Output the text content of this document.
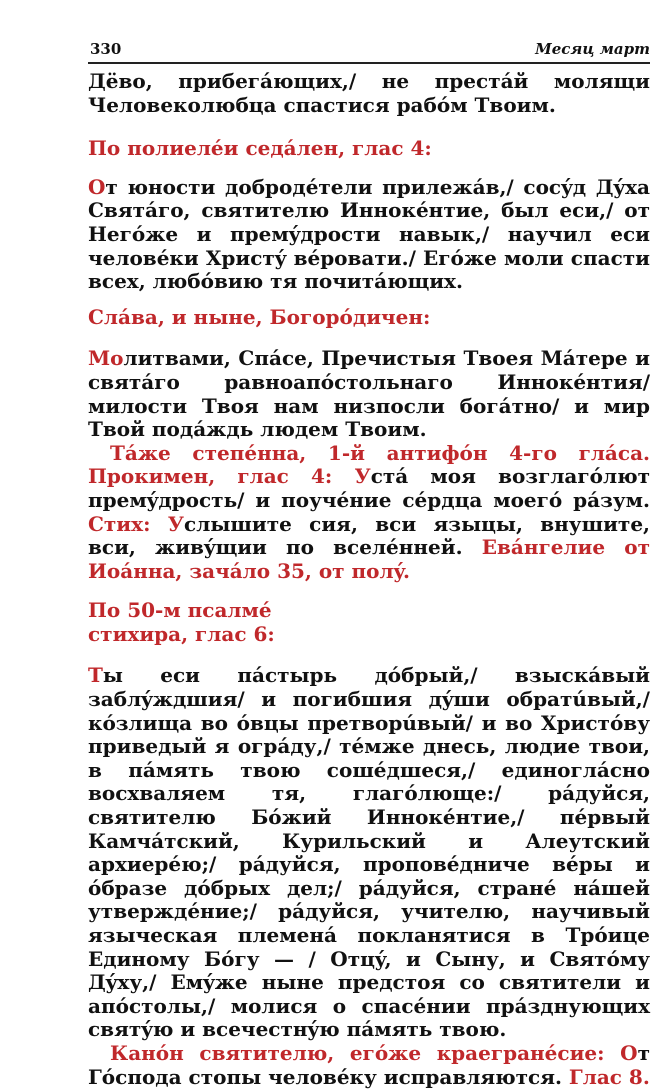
330	Месяц март

Дёво, прибегáющих,/ не престáй молящи Человеколюбца спастися рабóм Твоим.

По полиелéи седáлен, глас 4:

От юности добродéтели прилежáв,/ сосýд Дýха Святáго, святителю Иннокéнтие, был еси,/ от Негóже и премýдрости навык,/ научил еси человéки Христý вéровати./ Егóже моли спасти всех, любóвию тя почитáющих.

Слáва, и ныне, Богорóдичен:

Молитвами, Спáсе, Пречистыя Твоея Мáтере и святáго равноапóстольнаго Иннокéнтия/ милости Твоя нам низпосли богáтно/ и мир Твой подáждь людем Твоим.

Тáже степéнна, 1-й антифóн 4-го глáса. Прокимен, глас 4: Устá моя возглагóлют премýдрость/ и поучéние сéрдца моегó рáзум. Стих: Услышите сия, вси языцы, внушите, вси, живýщии по вселéнней. Евáнгелие от Иоáнна, зачáло 35, от полý.

По 50-м псалмé
стихира, глас 6:

Ты еси пáстырь дóбрый,/ взыскáвый заблýждшия/ и погибшия дýши обратúвый,/ кóзлища во óвцы претворúвый/ и во Христóву приведый я огрáду,/ тéмже днесь, людие твои, в пáмять твою сошéдшеся,/ единоглáсно восхваляем тя, глагóлюще:/ рáдуйся, святителю Бóжий Иннокéнтие,/ пéрвый Камчáтский, Курильский и Алеутский архиерéю;/ рáдуйся, проповéдниче вéры и óбразе дóбрых дел;/ рáдуйся, странé нáшей утверждéние;/ рáдуйся, учителю, научивый языческая племенá покланятися в Трóице Единому Бóгу — / Отцý, и Сыну, и Святóму Дýху,/ Емýже ныне предстоя со святители и апóстолы,/ молися о спасéнии прáзднующих святýю и всечестнýю пáмять твою.

Канóн святителю, егóже краегранéсие: От Гóспода стопы человéку исправляются. Глас 8.
